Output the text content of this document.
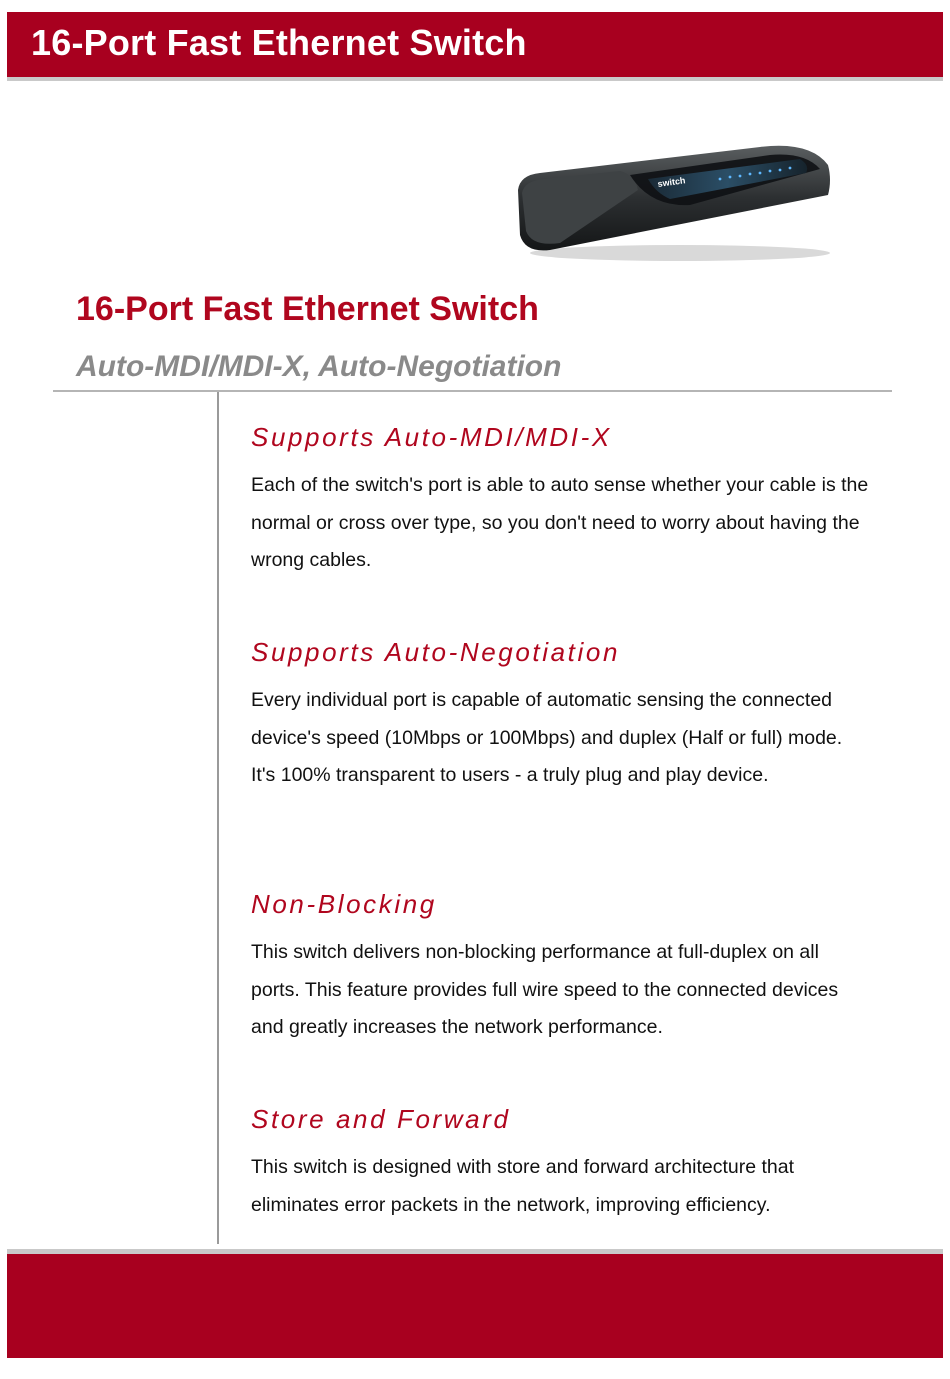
16-Port Fast Ethernet Switch
switch
16-Port Fast Ethernet Switch
Auto-MDI/MDI-X, Auto-Negotiation
Supports Auto-MDI/MDI-X
Each of the switch's port is able to auto sense whether your cable is the normal or cross over type, so you don't need to worry about having the wrong cables.
Supports Auto-Negotiation
Every individual port is capable of automatic sensing the connected device's speed (10Mbps or 100Mbps) and duplex (Half or full) mode. It's 100% transparent to users - a truly plug and play device.
Non-Blocking
This switch delivers non-blocking performance at full-duplex on all ports. This feature provides full wire speed to the connected devices and greatly increases the network performance.
Store and Forward
This switch is designed with store and forward architecture that eliminates error packets in the network, improving efficiency.
